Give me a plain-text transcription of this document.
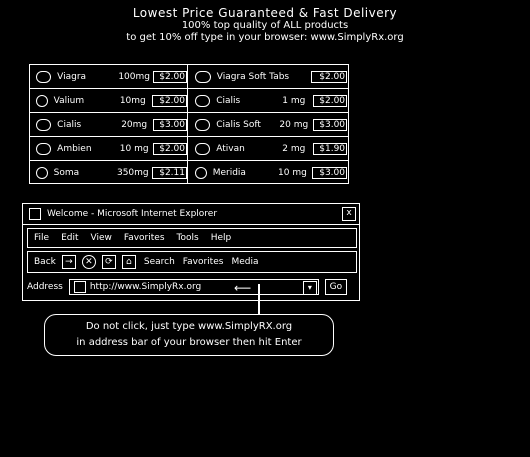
Lowest Price Guaranteed & Fast Delivery
100% top quality of ALL products
to get 10% off type in your browser: www.SimplyRx.org
Viagra	100mg	$2.00	Viagra Soft Tabs	$2.00
Valium	10mg	$2.00	Cialis	1 mg	$2.00
Cialis	20mg	$3.00	Cialis Soft	20 mg	$3.00
Ambien	10 mg	$2.00	Ativan	2 mg	$1.90
Soma	350mg	$2.11	Meridia	10 mg	$3.00
Welcome - Microsoft Internet Explorer	x
File Edit View Favorites Tools Help
Back	→	✕	⟳	⌂	Search Favorites Media
Address	http://www.SimplyRx.org	▾	Go
⟵
Do not click, just type www.SimplyRX.org
in address bar of your browser then hit Enter
